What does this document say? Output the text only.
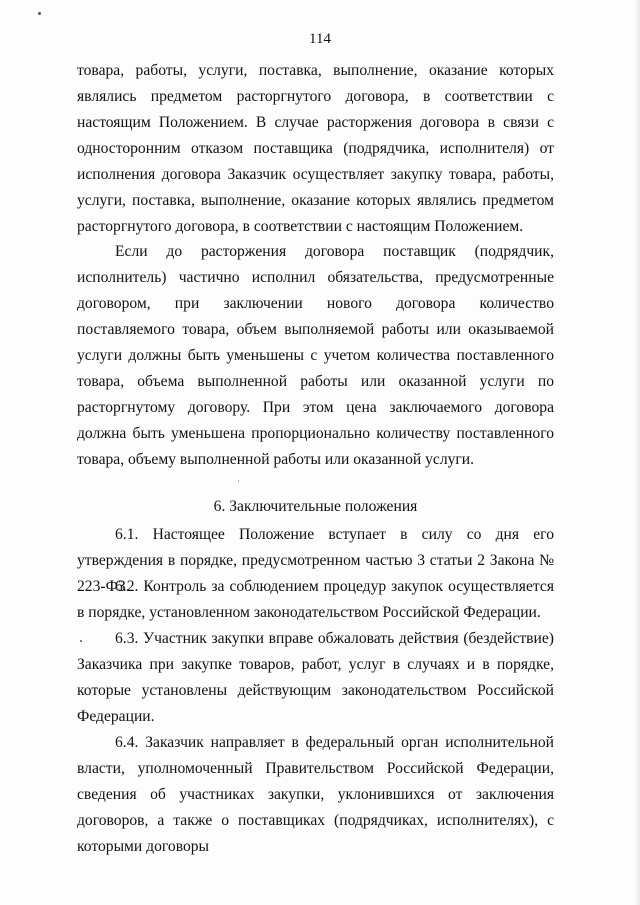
114

товара, работы, услуги, поставка, выполнение, оказание которых являлись предметом расторгнутого договора, в соответствии с настоящим Положением. В случае расторжения договора в связи с односторонним отказом поставщика (подрядчика, исполнителя) от исполнения договора Заказчик осуществляет закупку товара, работы, услуги, поставка, выполнение, оказание которых являлись предметом расторгнутого договора, в соответствии с настоящим Положением.

Если до расторжения договора поставщик (подрядчик, исполнитель) частично исполнил обязательства, предусмотренные договором, при заключении нового договора количество поставляемого товара, объем выполняемой работы или оказываемой услуги должны быть уменьшены с учетом количества поставленного товара, объема выполненной работы или оказанной услуги по расторгнутому договору. При этом цена заключаемого договора должна быть уменьшена пропорционально количеству поставленного товара, объему выполненной работы или оказанной услуги.

6. Заключительные положения

6.1. Настоящее Положение вступает в силу со дня его утверждения в порядке, предусмотренном частью 3 статьи 2 Закона № 223-ФЗ.

6.2. Контроль за соблюдением процедур закупок осуществляется в порядке, установленном законодательством Российской Федерации.

6.3. Участник закупки вправе обжаловать действия (бездействие) Заказчика при закупке товаров, работ, услуг в случаях и в порядке, которые установлены действующим законодательством Российской Федерации.

6.4. Заказчик направляет в федеральный орган исполнительной власти, уполномоченный Правительством Российской Федерации, сведения об участниках закупки, уклонившихся от заключения договоров, а также о поставщиках (подрядчиках, исполнителях), с которыми договоры
